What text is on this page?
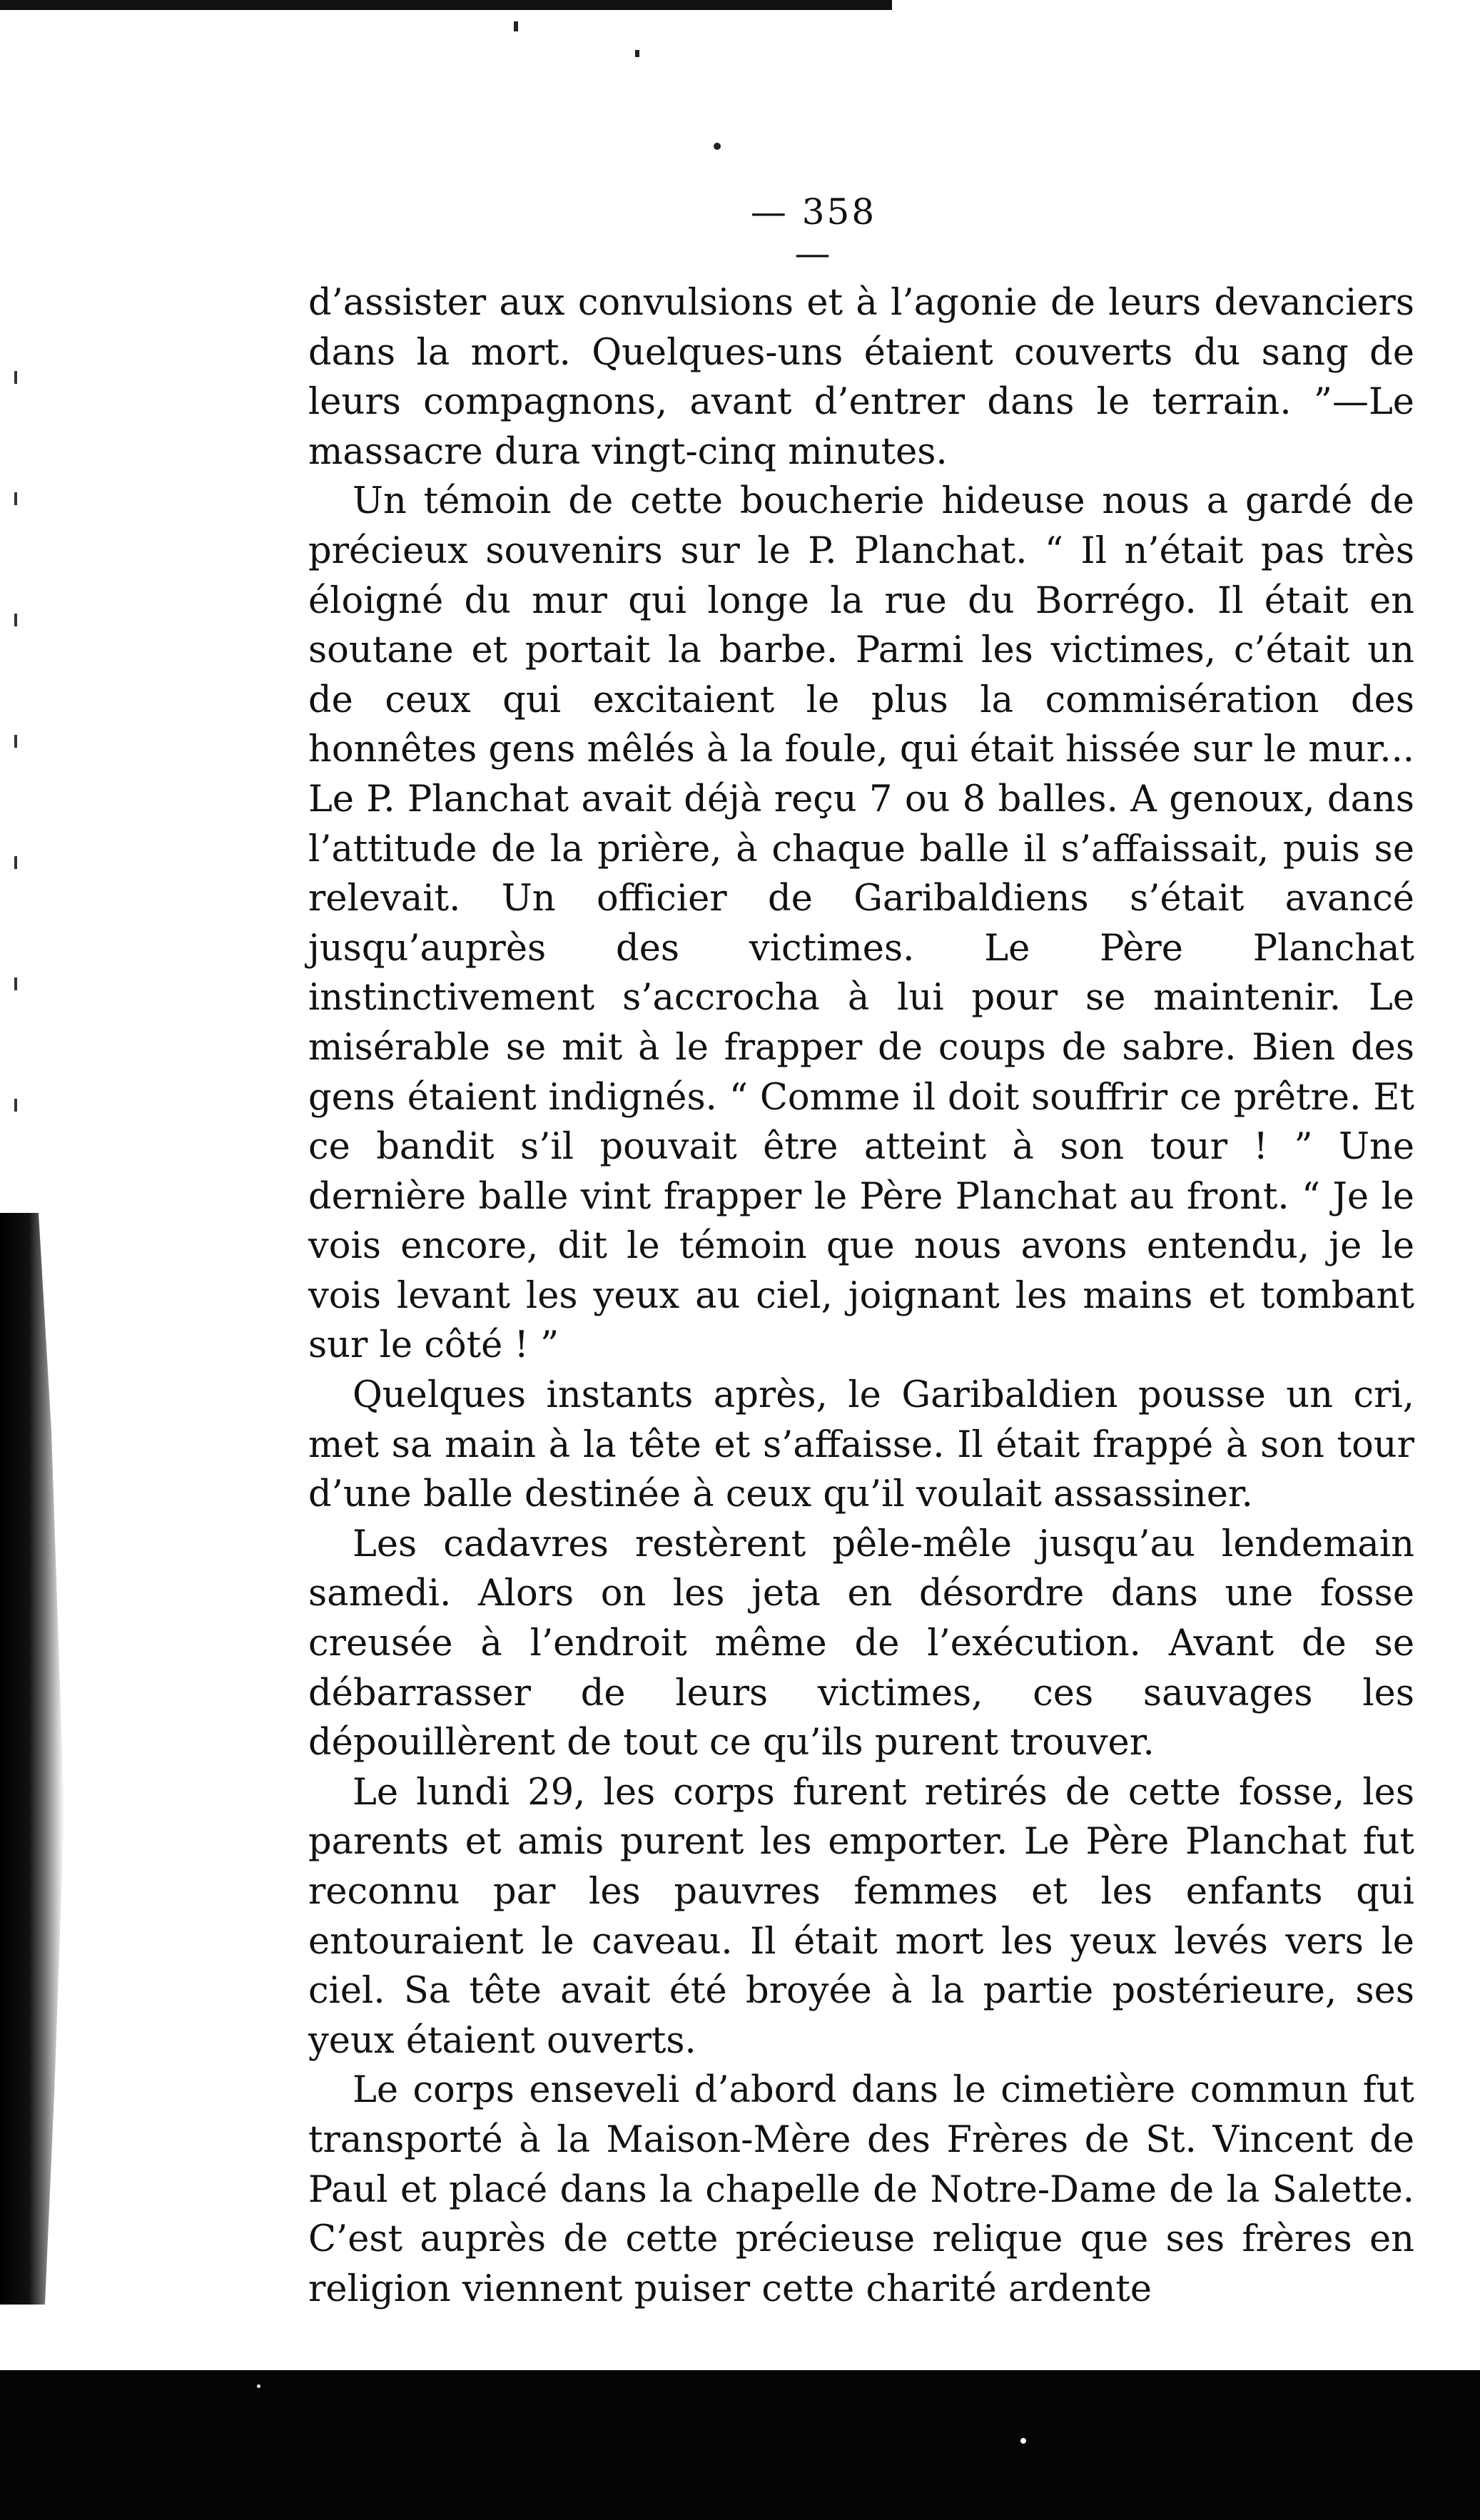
— 358 —

d’assister aux convulsions et à l’agonie de leurs devanciers dans la mort. Quelques-uns étaient couverts du sang de leurs compagnons, avant d’entrer dans le terrain. ”—Le massacre dura vingt-cinq minutes.

Un témoin de cette boucherie hideuse nous a gardé de précieux souvenirs sur le P. Planchat. “ Il n’était pas très éloigné du mur qui longe la rue du Borrégo. Il était en soutane et portait la barbe. Parmi les victimes, c’était un de ceux qui excitaient le plus la commisération des honnêtes gens mêlés à la foule, qui était hissée sur le mur... Le P. Planchat avait déjà reçu 7 ou 8 balles. A genoux, dans l’attitude de la prière, à chaque balle il s’affaissait, puis se relevait. Un officier de Garibaldiens s’était avancé jusqu’auprès des victimes. Le Père Planchat instinctivement s’accrocha à lui pour se maintenir. Le misérable se mit à le frapper de coups de sabre. Bien des gens étaient indignés. “ Comme il doit souffrir ce prêtre. Et ce bandit s’il pouvait être atteint à son tour ! ” Une dernière balle vint frapper le Père Planchat au front. “ Je le vois encore, dit le témoin que nous avons entendu, je le vois levant les yeux au ciel, joignant les mains et tombant sur le côté ! ”

Quelques instants après, le Garibaldien pousse un cri, met sa main à la tête et s’affaisse. Il était frappé à son tour d’une balle destinée à ceux qu’il voulait assassiner.

Les cadavres restèrent pêle-mêle jusqu’au lendemain samedi. Alors on les jeta en désordre dans une fosse creusée à l’endroit même de l’exécution. Avant de se débarrasser de leurs victimes, ces sauvages les dépouillèrent de tout ce qu’ils purent trouver.

Le lundi 29, les corps furent retirés de cette fosse, les parents et amis purent les emporter. Le Père Planchat fut reconnu par les pauvres femmes et les enfants qui entouraient le caveau. Il était mort les yeux levés vers le ciel. Sa tête avait été broyée à la partie postérieure, ses yeux étaient ouverts.

Le corps enseveli d’abord dans le cimetière commun fut transporté à la Maison-Mère des Frères de St. Vincent de Paul et placé dans la chapelle de Notre-Dame de la Salette. C’est auprès de cette précieuse relique que ses frères en religion viennent puiser cette charité ardente
